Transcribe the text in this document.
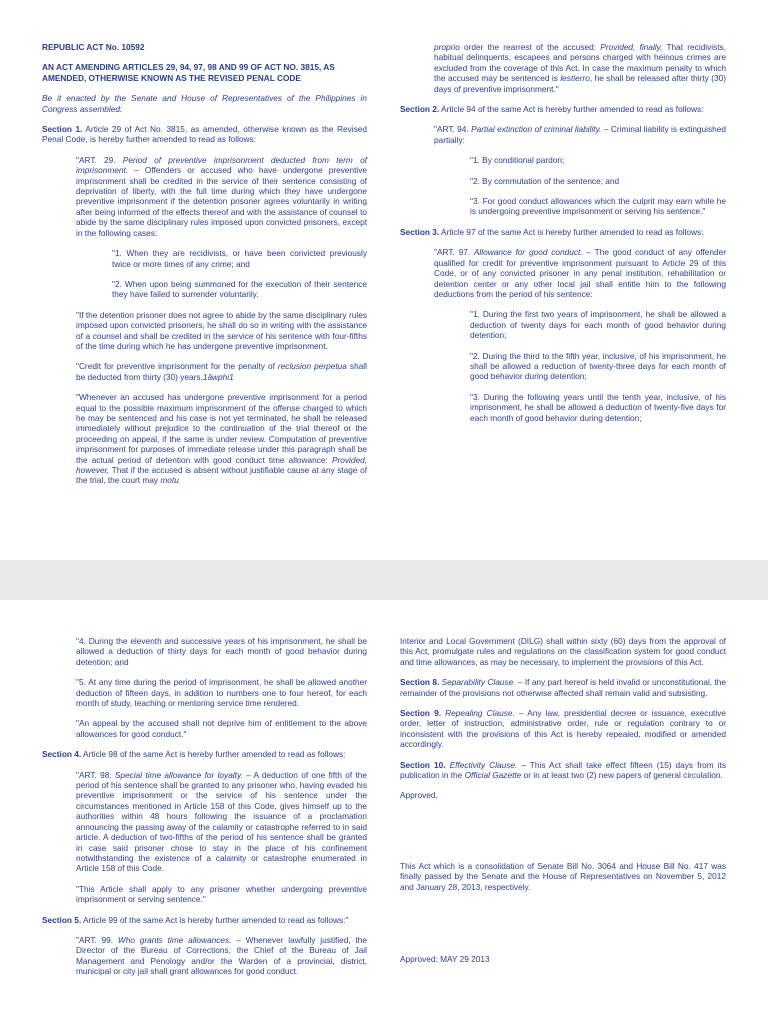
REPUBLIC ACT No. 10592

AN ACT AMENDING ARTICLES 29, 94, 97, 98 AND 99 OF ACT NO. 3815, AS AMENDED, OTHERWISE KNOWN AS THE REVISED PENAL CODE

Be it enacted by the Senate and House of Representatives of the Philippines in Congress assembled:

Section 1. Article 29 of Act No. 3815, as amended, otherwise known as the Revised Penal Code, is hereby further amended to read as follows:

"ART. 29. Period of preventive imprisonment deducted from term of imprisonment. – Offenders or accused who have undergone preventive imprisonment shall be credited in the service of their sentence consisting of deprivation of liberty, with the full time during which they have undergone preventive imprisonment if the detention prisoner agrees voluntarily in writing after being informed of the effects thereof and with the assistance of counsel to abide by the same disciplinary rules imposed upon convicted prisoners, except in the following cases:

"1. When they are recidivists, or have been convicted previously twice or more times of any crime; and

"2. When upon being summoned for the execution of their sentence they have failed to surrender voluntarily.

"If the detention prisoner does not agree to abide by the same disciplinary rules imposed upon convicted prisoners, he shall do so in writing with the assistance of a counsel and shall be credited in the service of his sentence with four-fifths of the time during which he has undergone preventive imprisonment.

"Credit for preventive imprisonment for the penalty of reclusion perpetua shall be deducted from thirty (30) years.1âwphi1

"Whenever an accused has undergone preventive imprisonment for a period equal to the possible maximum imprisonment of the offense charged to which he may be sentenced and his case is not yet terminated, he shall be released immediately without prejudice to the continuation of the trial thereof or the proceeding on appeal, if the same is under review. Computation of preventive imprisonment for purposes of immediate release under this paragraph shall be the actual period of detention with good conduct time allowance: Provided, however, That if the accused is absent without justifiable cause at any stage of the trial, the court may motu

proprio order the rearrest of the accused: Provided, finally, That recidivists, habitual delinquents, escapees and persons charged with heinous crimes are excluded from the coverage of this Act. In case the maximum penalty to which the accused may be sentenced is lestierro, he shall be released after thirty (30) days of preventive imprisonment."

Section 2. Article 94 of the same Act is hereby further amended to read as follows:

"ART. 94. Partial extinction of criminal liability. – Criminal liability is extinguished partially:

"1. By conditional pardon;

"2. By commutation of the sentence; and

"3. For good conduct allowances which the culprit may earn while he is undergoing preventive imprisonment or serving his sentence."

Section 3. Article 97 of the same Act is hereby further amended to read as follows:

"ART. 97. Allowance for good conduct. – The good conduct of any offender qualified for credit for preventive imprisonment pursuant to Article 29 of this Code, or of any convicted prisoner in any penal institution, rehabilitation or detention center or any other local jail shall entitle him to the following deductions from the period of his sentence:

"1. During the first two years of imprisonment, he shall be allowed a deduction of twenty days for each month of good behavior during detention;

"2. During the third to the fifth year, inclusive, of his imprisonment, he shall be allowed a reduction of twenty-three days for each month of good behavior during detention;

"3. During the following years until the tenth year, inclusive, of his imprisonment, he shall be allowed a deduction of twenty-five days for each month of good behavior during detention;

"4. During the eleventh and successive years of his imprisonment, he shall be allowed a deduction of thirty days for each month of good behavior during detention; and

"5. At any time during the period of imprisonment, he shall be allowed another deduction of fifteen days, in addition to numbers one to four hereof, for each month of study, teaching or mentoring service time rendered.

"An appeal by the accused shall not deprive him of entitlement to the above allowances for good conduct."

Section 4. Article 98 of the same Act is hereby further amended to read as follows:

"ART. 98. Special time allowance for loyalty. – A deduction of one fifth of the period of his sentence shall be granted to any prisoner who, having evaded his preventive imprisonment or the service of his sentence under the circumstances mentioned in Article 158 of this Code, gives himself up to the authorities within 48 hours following the issuance of a proclamation announcing the passing away of the calamity or catastrophe referred to in said article. A deduction of two-fifths of the period of his sentence shall be granted in case said prisoner chose to stay in the place of his confinement notwithstanding the existence of a calamity or catastrophe enumerated in Article 158 of this Code.

"This Article shall apply to any prisoner whether undergoing preventive imprisonment or serving sentence."

Section 5. Article 99 of the same Act is hereby further amended to read as follows:"

"ART. 99. Who grants time allowances. – Whenever lawfully justified, the Director of the Bureau of Corrections, the Chief of the Bureau of Jail Management and Penology and/or the Warden of a provincial, district, municipal or city jail shall grant allowances for good conduct.

Interior and Local Government (DILG) shall within sixty (60) days from the approval of this Act, promulgate rules and regulations on the classification system for good conduct and time allowances, as may be necessary, to implement the provisions of this Act.

Section 8. Separability Clause. – If any part hereof is held invalid or unconstitutional, the remainder of the provisions not otherwise affected shall remain valid and subsisting.

Section 9. Repealing Clause. – Any law, presidential decree or issuance, executive order, letter of instruction, administrative order, rule or regulation contrary to or inconsistent with the provisions of this Act is hereby repealed, modified or amended accordingly.

Section 10. Effectivity Clause. – This Act shall take effect fifteen (15) days from its publication in the Official Gazette or in at least two (2) new papers of general circulation.

Approved,

This Act which is a consolidation of Senate Bill No. 3064 and House Bill No. 417 was finally passed by the Senate and the House of Representatives on November 5, 2012 and January 28, 2013, respectively.

Approved: MAY 29 2013
